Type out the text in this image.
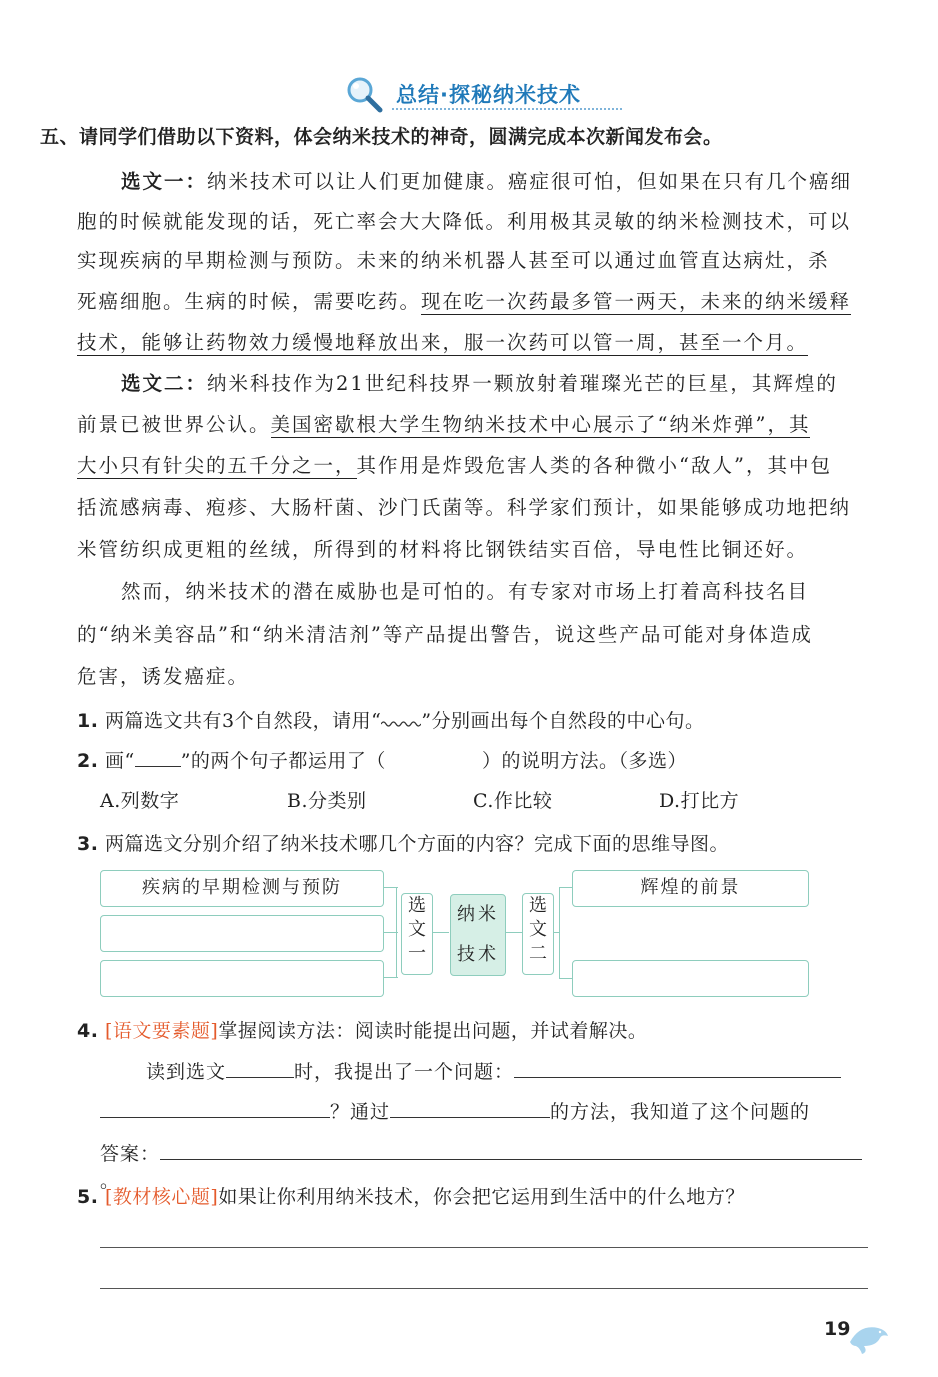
总结·探秘纳米技术
五、请同学们借助以下资料，体会纳米技术的神奇，圆满完成本次新闻发布会。
选文一：纳米技术可以让人们更加健康。癌症很可怕，但如果在只有几个癌细
胞的时候就能发现的话，死亡率会大大降低。利用极其灵敏的纳米检测技术，可以
实现疾病的早期检测与预防。未来的纳米机器人甚至可以通过血管直达病灶，杀
死癌细胞。生病的时候，需要吃药。现在吃一次药最多管一两天，未来的纳米缓释
技术，能够让药物效力缓慢地释放出来，服一次药可以管一周，甚至一个月。
选文二：纳米科技作为21世纪科技界一颗放射着璀璨光芒的巨星，其辉煌的
前景已被世界公认。美国密歇根大学生物纳米技术中心展示了“纳米炸弹”，其
大小只有针尖的五千分之一，其作用是炸毁危害人类的各种微小“敌人”，其中包
括流感病毒、疱疹、大肠杆菌、沙门氏菌等。科学家们预计，如果能够成功地把纳
米管纺织成更粗的丝绒，所得到的材料将比钢铁结实百倍，导电性比铜还好。
然而，纳米技术的潜在威胁也是可怕的。有专家对市场上打着高科技名目
的“纳米美容品”和“纳米清洁剂”等产品提出警告，说这些产品可能对身体造成
危害，诱发癌症。
1. 两篇选文共有3个自然段，请用“ ”分别画出每个自然段的中心句。
2. 画“ ”的两个句子都运用了（	）的说明方法。（多选）
A.列数字	B.分类别	C.作比较	D.打比方
3. 两篇选文分别介绍了纳米技术哪几个方面的内容？完成下面的思维导图。
疾病的早期检测与预防
选
文
一
纳米
技术
选
文
二
辉煌的前景
4. [语文要素题]掌握阅读方法：阅读时能提出问题，并试着解决。
读到选文	时，我提出了一个问题：
？通过	的方法，我知道了这个问题的
答案：。
5. [教材核心题]如果让你利用纳米技术，你会把它运用到生活中的什么地方？
19
